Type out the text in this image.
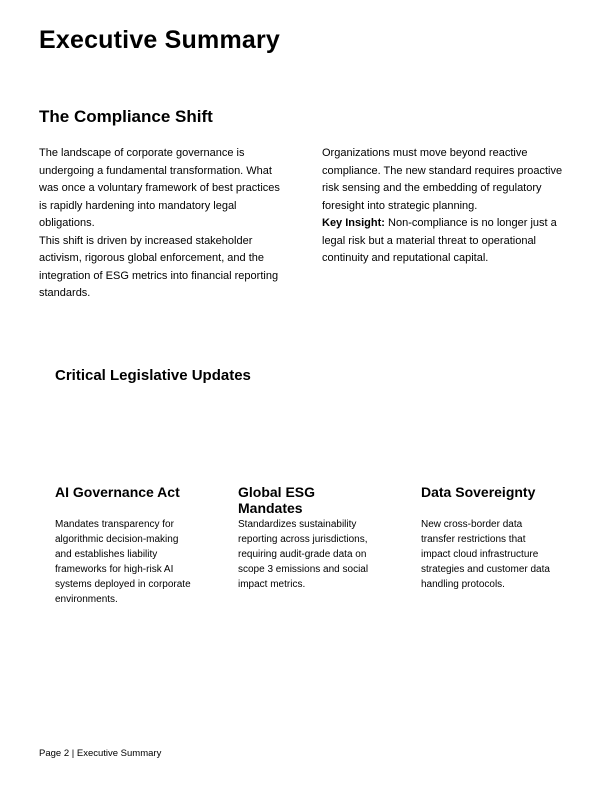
Executive Summary
The Compliance Shift

The landscape of corporate governance is undergoing a fundamental transformation. What was once a voluntary framework of best practices is rapidly hardening into mandatory legal obligations.

This shift is driven by increased stakeholder activism, rigorous global enforcement, and the integration of ESG metrics into financial reporting standards.

Organizations must move beyond reactive compliance. The new standard requires proactive risk sensing and the embedding of regulatory foresight into strategic planning.

Key Insight: Non-compliance is no longer just a legal risk but a material threat to operational continuity and reputational capital.

Critical Legislative Updates
AI Governance Act

Mandates transparency for algorithmic decision-making and establishes liability frameworks for high-risk AI systems deployed in corporate environments.

Global ESG Mandates

Standardizes sustainability reporting across jurisdictions, requiring audit-grade data on scope 3 emissions and social impact metrics.

Data Sovereignty

New cross-border data transfer restrictions that impact cloud infrastructure strategies and customer data handling protocols.

Page 2 | Executive Summary
